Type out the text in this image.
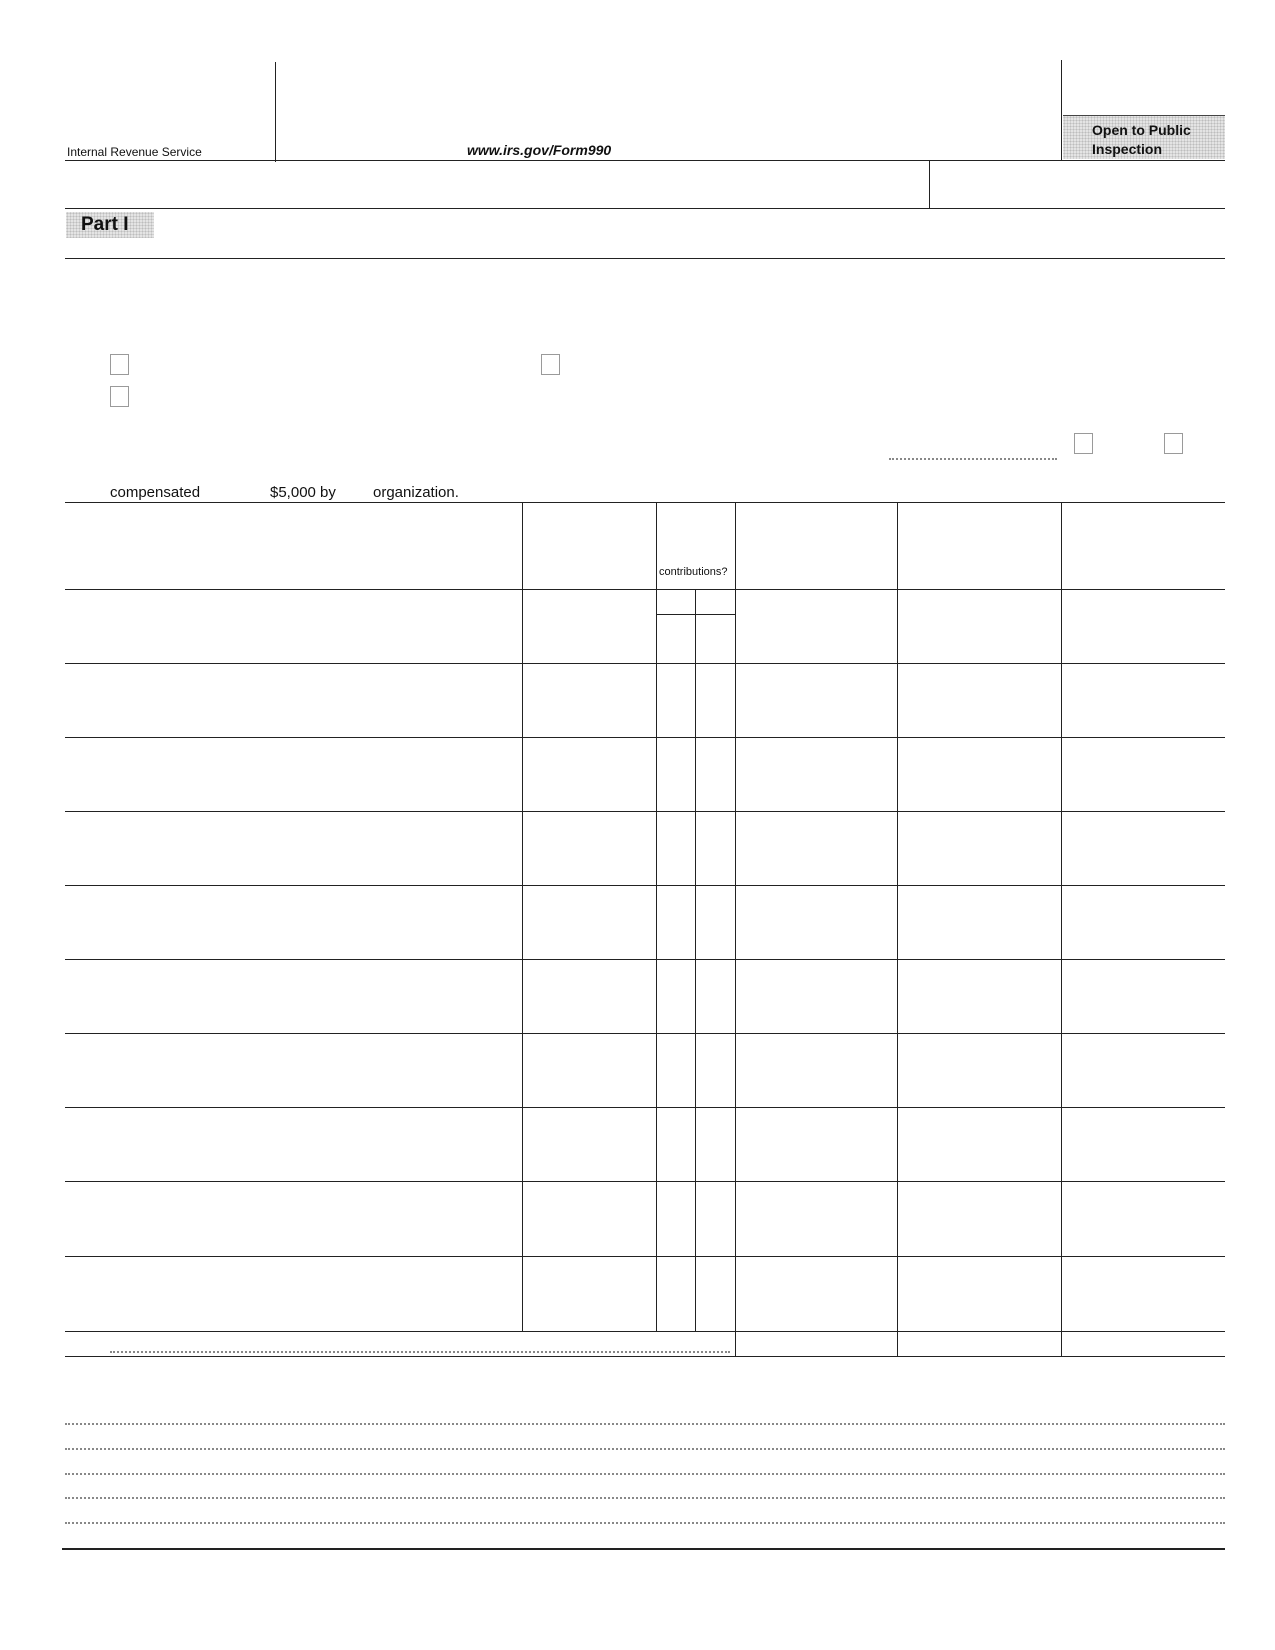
Internal Revenue Service	www.irs.gov/Form990
Open to Public
Inspection
Part I
compensated	$5,000 by organization.
contributions?
